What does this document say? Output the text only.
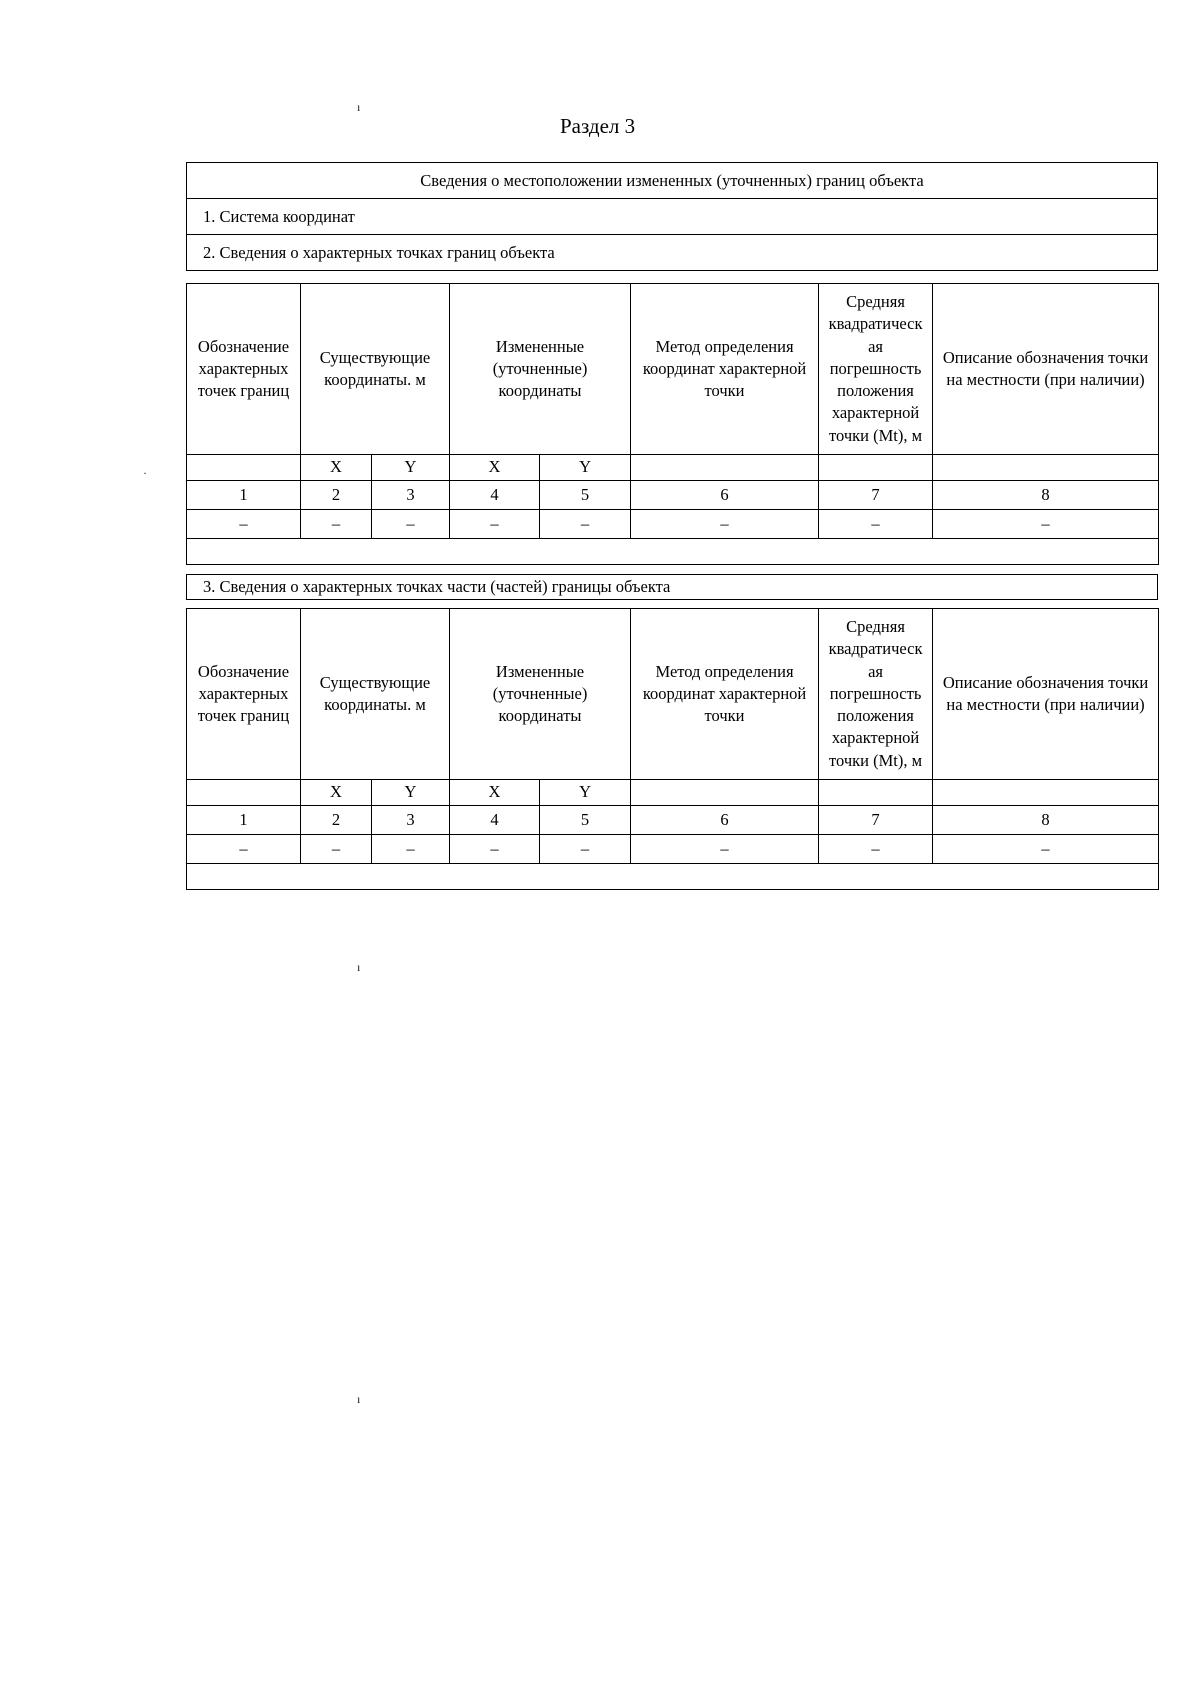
Раздел 3
ı
·
ı
ı
Сведения о местоположении измененных (уточненных) границ объекта
1. Система координат
2. Сведения о характерных точках границ объекта
Обозначение характерных точек границ	Существующие координаты. м		Измененные (уточненные) координаты		Метод определения координат характерной точки	Средняя квадратическ ая погрешность положения характерной точки (Mt), м	Описание обозначения точки на местности (при наличии)
	X	Y	X	Y			
1	2	3	4	5	6	7	8
–	–	–	–	–	–	–	–

3. Сведения о характерных точках части (частей) границы объекта
Обозначение характерных точек границ	Существующие координаты. м		Измененные (уточненные) координаты		Метод определения координат характерной точки	Средняя квадратическ ая погрешность положения характерной точки (Mt), м	Описание обозначения точки на местности (при наличии)
	X	Y	X	Y			
1	2	3	4	5	6	7	8
–	–	–	–	–	–	–	–
